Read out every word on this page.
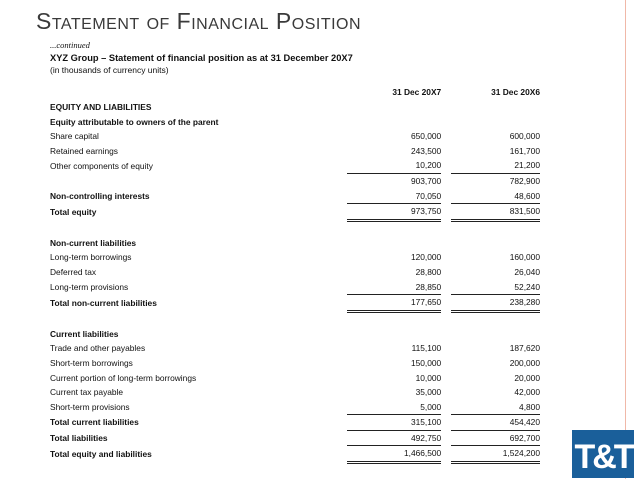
Statement of Financial Position
...continued
XYZ Group – Statement of financial position as at 31 December 20X7
(in thousands of currency units)
	31 Dec 20X7		31 Dec 20X6
EQUITY AND LIABILITIES			
Equity attributable to owners of the parent			
Share capital	650,000		600,000
Retained earnings	243,500		161,700
Other components of equity	10,200		21,200
	903,700		782,900
Non-controlling interests	70,050		48,600
Total equity	973,750		831,500

Non-current liabilities			
Long-term borrowings	120,000		160,000
Deferred tax	28,800		26,040
Long-term provisions	28,850		52,240
Total non-current liabilities	177,650		238,280

Current liabilities			
Trade and other payables	115,100		187,620
Short-term borrowings	150,000		200,000
Current portion of long-term borrowings	10,000		20,000
Current tax payable	35,000		42,000
Short-term provisions	5,000		4,800
Total current liabilities	315,100		454,420
Total liabilities	492,750		692,700
Total equity and liabilities	1,466,500		1,524,200 T&T
